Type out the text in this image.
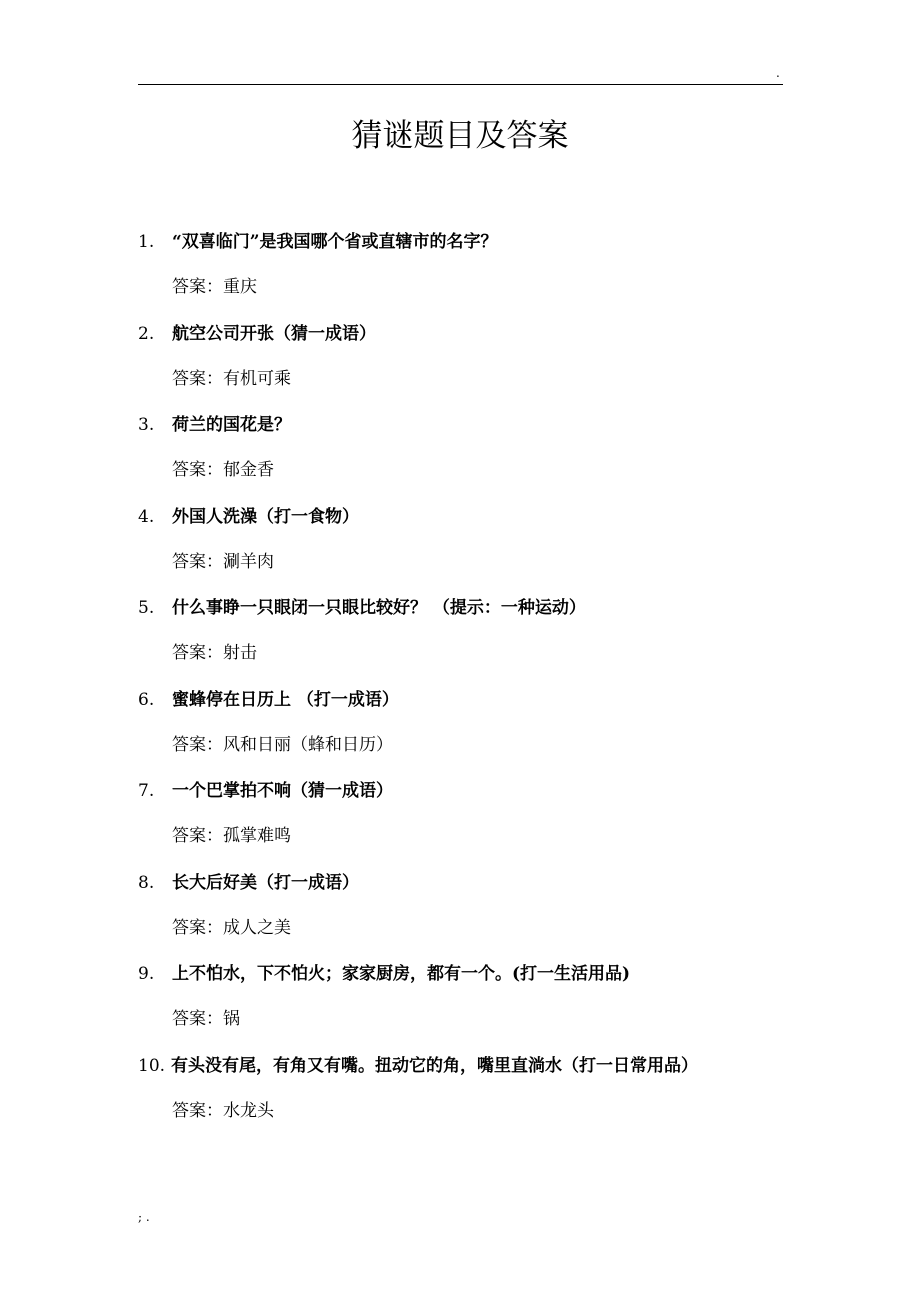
.
猜谜题目及答案
1. “双喜临门”是我国哪个省或直辖市的名字？
答案：重庆
2. 航空公司开张（猜一成语）
答案：有机可乘
3. 荷兰的国花是？
答案：郁金香
4. 外国人洗澡（打一食物）
答案：涮羊肉
5. 什么事睁一只眼闭一只眼比较好？ （提示：一种运动）
答案：射击
6. 蜜蜂停在日历上 （打一成语）
答案：风和日丽（蜂和日历）
7. 一个巴掌拍不响（猜一成语）
答案：孤掌难鸣
8. 长大后好美（打一成语）
答案：成人之美
9. 上不怕水，下不怕火；家家厨房，都有一个。(打一生活用品)
答案：锅
10. 有头没有尾，有角又有嘴。扭动它的角，嘴里直淌水（打一日常用品）
答案：水龙头
; .
